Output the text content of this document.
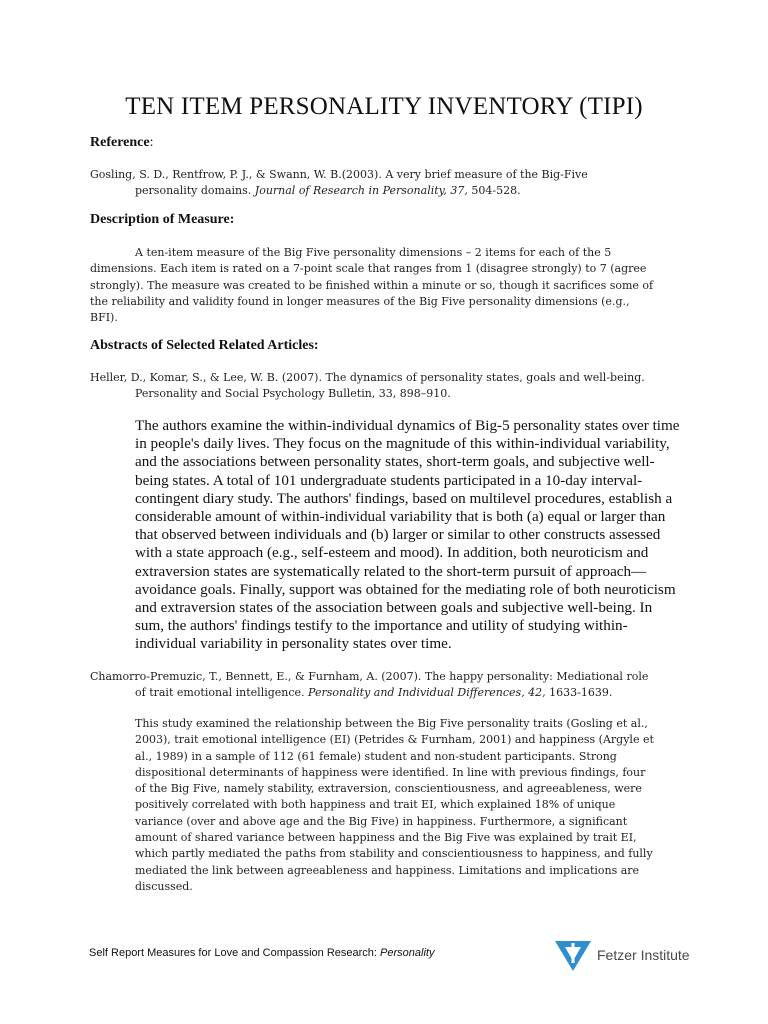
TEN ITEM PERSONALITY INVENTORY (TIPI)
Reference:
Gosling, S. D., Rentfrow, P. J., & Swann, W. B.(2003). A very brief measure of the Big-Five
personality domains. Journal of Research in Personality, 37, 504-528.
Description of Measure:
A ten-item measure of the Big Five personality dimensions – 2 items for each of the 5
dimensions. Each item is rated on a 7-point scale that ranges from 1 (disagree strongly) to 7 (agree
strongly). The measure was created to be finished within a minute or so, though it sacrifices some of
the reliability and validity found in longer measures of the Big Five personality dimensions (e.g.,
BFI).
Abstracts of Selected Related Articles:
Heller, D., Komar, S., & Lee, W. B. (2007). The dynamics of personality states, goals and well-being.
Personality and Social Psychology Bulletin, 33, 898–910.
The authors examine the within-individual dynamics of Big-5 personality states over time
in people's daily lives. They focus on the magnitude of this within-individual variability,
and the associations between personality states, short-term goals, and subjective well-
being states. A total of 101 undergraduate students participated in a 10-day interval-
contingent diary study. The authors' findings, based on multilevel procedures, establish a
considerable amount of within-individual variability that is both (a) equal or larger than
that observed between individuals and (b) larger or similar to other constructs assessed
with a state approach (e.g., self-esteem and mood). In addition, both neuroticism and
extraversion states are systematically related to the short-term pursuit of approach—
avoidance goals. Finally, support was obtained for the mediating role of both neuroticism
and extraversion states of the association between goals and subjective well-being. In
sum, the authors' findings testify to the importance and utility of studying within-
individual variability in personality states over time.
Chamorro-Premuzic, T., Bennett, E., & Furnham, A. (2007). The happy personality: Mediational role
of trait emotional intelligence. Personality and Individual Differences, 42, 1633-1639.
This study examined the relationship between the Big Five personality traits (Gosling et al.,
2003), trait emotional intelligence (EI) (Petrides & Furnham, 2001) and happiness (Argyle et
al., 1989) in a sample of 112 (61 female) student and non-student participants. Strong
dispositional determinants of happiness were identified. In line with previous findings, four
of the Big Five, namely stability, extraversion, conscientiousness, and agreeableness, were
positively correlated with both happiness and trait EI, which explained 18% of unique
variance (over and above age and the Big Five) in happiness. Furthermore, a significant
amount of shared variance between happiness and the Big Five was explained by trait EI,
which partly mediated the paths from stability and conscientiousness to happiness, and fully
mediated the link between agreeableness and happiness. Limitations and implications are
discussed.
Self Report Measures for Love and Compassion Research: Personality	Fetzer Institute
